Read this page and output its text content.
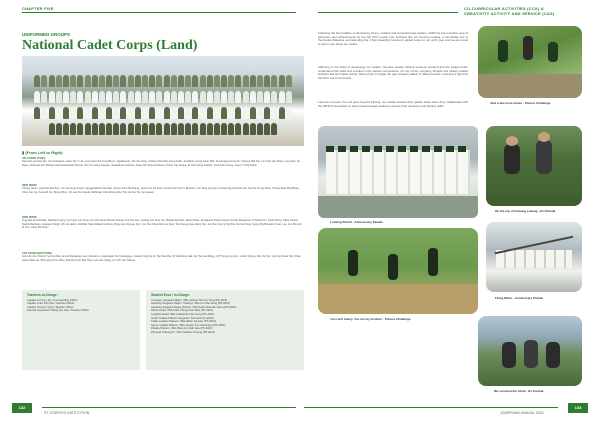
CHAPTER FIVE	CO-CURRICULAR ACTIVITIES (CCA) &
CREATIVITY ACTIVITY AND SERVICE (CAS)
UNIFORMED GROUPS
National Cadet Corps (Land)
▮ (From Left to Right)
4TH ROW (TOP):
Samuel Low Kuei Ern, Ho Changtian, Isaac Tan Yi Jie, Lee Kwan Kai Tung Binyit, Jagadeesan, Tan Sai Yang, Joshua Chia Mao Heng Keith, Jonathan Leong Guan Wei, Kumaragura Arumuh, Cheong Wai Tan, Lim Kah Hoe Brian, Leng Sen Jie Ryan, Chia Hao Zer Muhammad Farhanshah Farouk, Tan Tze Hung Keegan, Sasedaran Geethan, Adam Sil Chong Andrew, Tristan Yap Kuang, Er Kian Kong Gabriel, Yeoh Kah Chong, Jiang Yi Ying Kelvin
3RD ROW:
Cheng Yanan, Liew Kai Wei Ken, Lim Jia Hong Xavier, Vijayaprakash Karnikal, Jensen Kim Zhenhang, Justin Lim Jin Kuan, Daniel Koh Kai Yi, Brandon Yeo Tong Leng Ern Joshua Ng Kai Kwei Hin, Ng Kai Xu Ng Khan, Tristan Kiaw Wai Bryan, Chen Jun Jie, Kenneth Ho, Bryan Zhou, Oh Lee Kun Keefe, Mahzuan Izzat Zhang Wei, Sim Jie Kai Tan Jun Haoed
2ND ROW:
Ong Wei Ze Nicholas, Raphael Leong Yip Kiyan Jun Hong, Ho Chin Heen Daniel Joshua, Teh Kai Jian, Joshua Lim Kuai Yee, Bhatia Samarth, Ethan Phua, Sundaresh Prabu Kumar, Rohan Rangaram, R Nurlan Izz, Keith Wong, Rahe Chiutix, Danial Redzuan, Jaskaran Singh, Zhi Jie Harris, Kolidhar Vasu Rakesh Anthony Pang Lan Jinyuan Sun, Jun Zhe Chua Wei Jun Sam, Tan Kheng Hwa, Elton Tan, Jun Kiat, Kenny Ng Wei Jun Kia Peng, Heng Zhu Brandon Yuan, Lee Jun Zhi Goh Zi Xun, Jiang Rui Ryan
1ST ROW (BOTTOM):
Goh Hui Jun, Vittorio Yeo Kai Wei, Arvind Rasiappa, Heon Denaro's, Goeiniapan Nk Chuanggua, Joseph Ong Kai Hi, Tan Wai Wei, Dr Kai Meng Hak, Cpl Tan Hai Wang, CPT Kong Jun Hon, Lt Eric Cheng, Wei Jie Tan, Ivan Ng Shuai Tian Chao, Jason Wah Ho, 3SG Asyraf Yeo Wee, Brandon Koh Wei Xian, Loh Han Xiang, Lim Zhi Yao Joshua
Teachers-In-Charge:
Captain Lim Kyu Jie / Commanding Officer
Captain Colin Koh Wei / Teacher Officer
Captain Terence Yong / Teacher Officer
Second Lieutenant Chang Jun Hee / Teacher Officer
Student Exco / In-Charge:
Company Sergeant Major: 3SG Joshua Tan Kai Yang (PS 2021)
Assisting Sergeant Major / Training: 3SG Lim Wei Hong (PS 2021)
Assisting Sergeant Major (Admin): 3SG Keith Chia Wei Heng (PS 2021)
Admin Head: 3SG Kwei Chong Kian Wee (PS 2021)
Logistics Head: 3SG Gabriel Er Kian Kong (PS 2021)
Junior Cadets Platoon Sergeant: Samuel Koh (2021)
Cadet Leaders Platoon: 3SG Ethan Ng Lian (PS 2021)
Senior Cadets Platoon: 3SG Jensen Kim Zhenhang (PS 2021)
Parade Platoon: 3SG Brian Lim Kah Hoe (PS 2021)
Physical Training IC: 3SG Caldwin Cheong (PS 2021)
Following the first tradition of developing strong, resilient and compassionate leaders, 2018 has been another year of adventure and achievements for the SJI NCC (Land) unit. Activities like our Gunung Ledang, a formidable trek in Peninsular Malaysia, and attending the 3 Star Awarding Ceremony added colour to our unit's year and we are proud to learn more about our cadets.
Adhering to the belief of developing our cadets, intensive weekly training sessions ensured that the cadets better understand their skills and excelled in the various competitions. On top of this, company, brigade and military-related activities like Nerf Wars during training help to bridge the gap between cadets of different levels, fostering a tight-knit SJI NCC Land community.
Last but not least, the unit goes beyond training, our cadets showed their gentler sides when they collaborated with the WINGS association to help underprivileged students improve their numeracy and literacy skills.
Just a few more mines - Fitness Challenge
Looking Smart! - Anniversary Parade
On the top of Gunung Ledang - Ex Puncak
You can't heavy. You are my brother! - Fitness Challenge
Firing Rifles - Anniversary Parade
We survived the climb - Ex Puncak
132
ST JOSEPH'S INSTITUTION	JOSEPHIAN ANNUAL 2018
133
